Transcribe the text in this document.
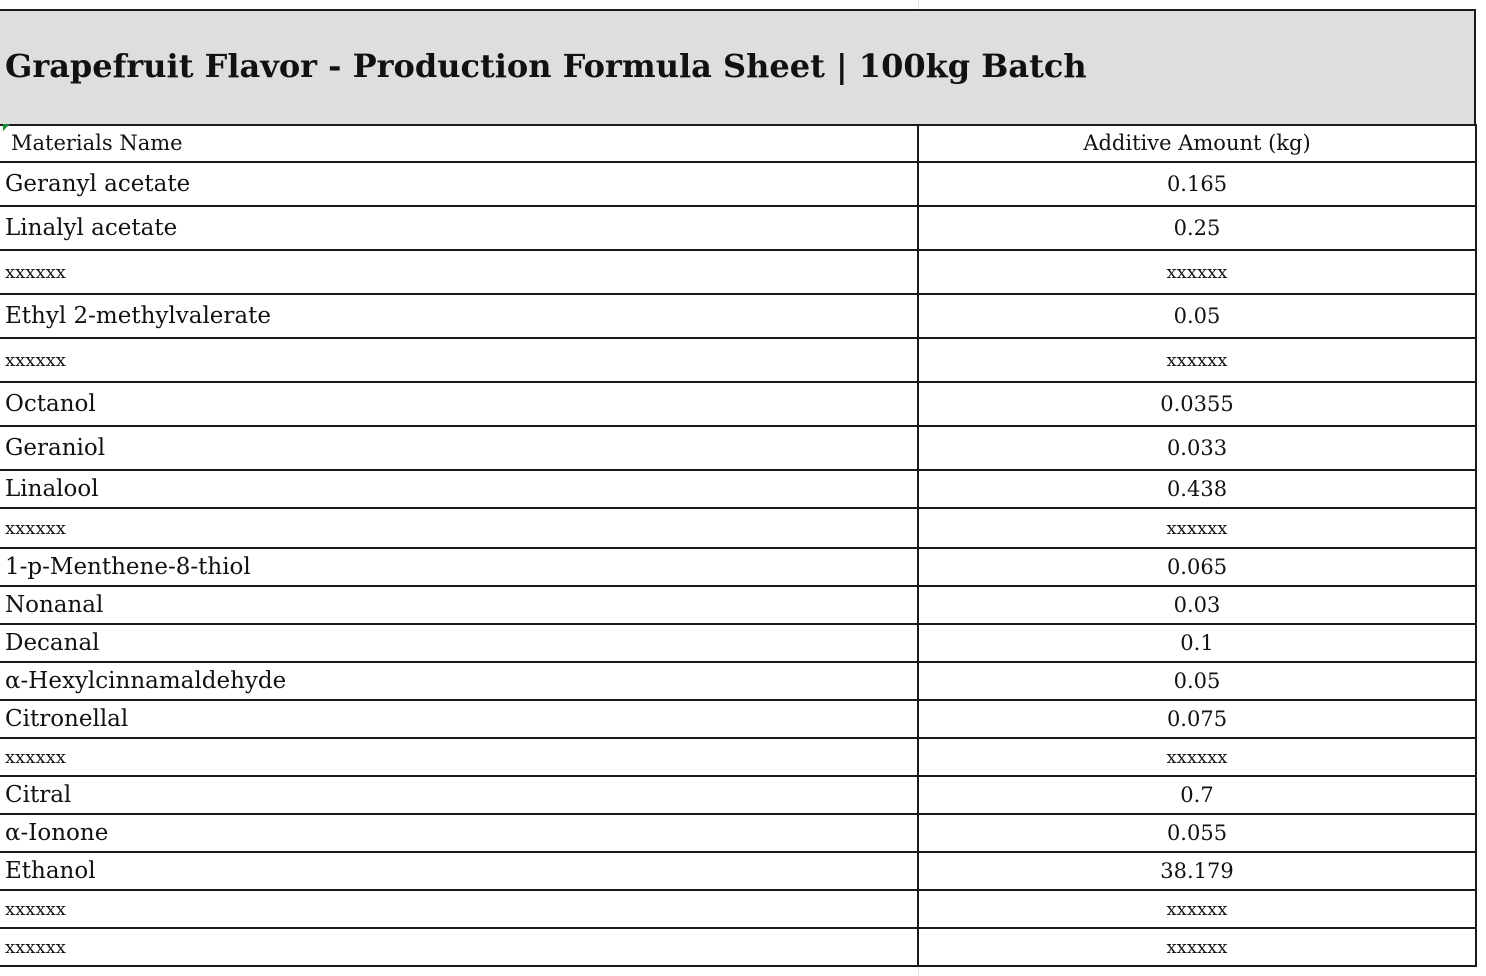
Grapefruit Flavor - Production Formula Sheet | 100kg Batch
Materials Name	Additive Amount (kg)
Geranyl acetate	0.165
Linalyl acetate	0.25
xxxxxx	xxxxxx
Ethyl 2-methylvalerate	0.05
xxxxxx	xxxxxx
Octanol	0.0355
Geraniol	0.033
Linalool	0.438
xxxxxx	xxxxxx
1-p-Menthene-8-thiol	0.065
Nonanal	0.03
Decanal	0.1
α-Hexylcinnamaldehyde	0.05
Citronellal	0.075
xxxxxx	xxxxxx
Citral	0.7
α-Ionone	0.055
Ethanol	38.179
xxxxxx	xxxxxx
xxxxxx	xxxxxx
